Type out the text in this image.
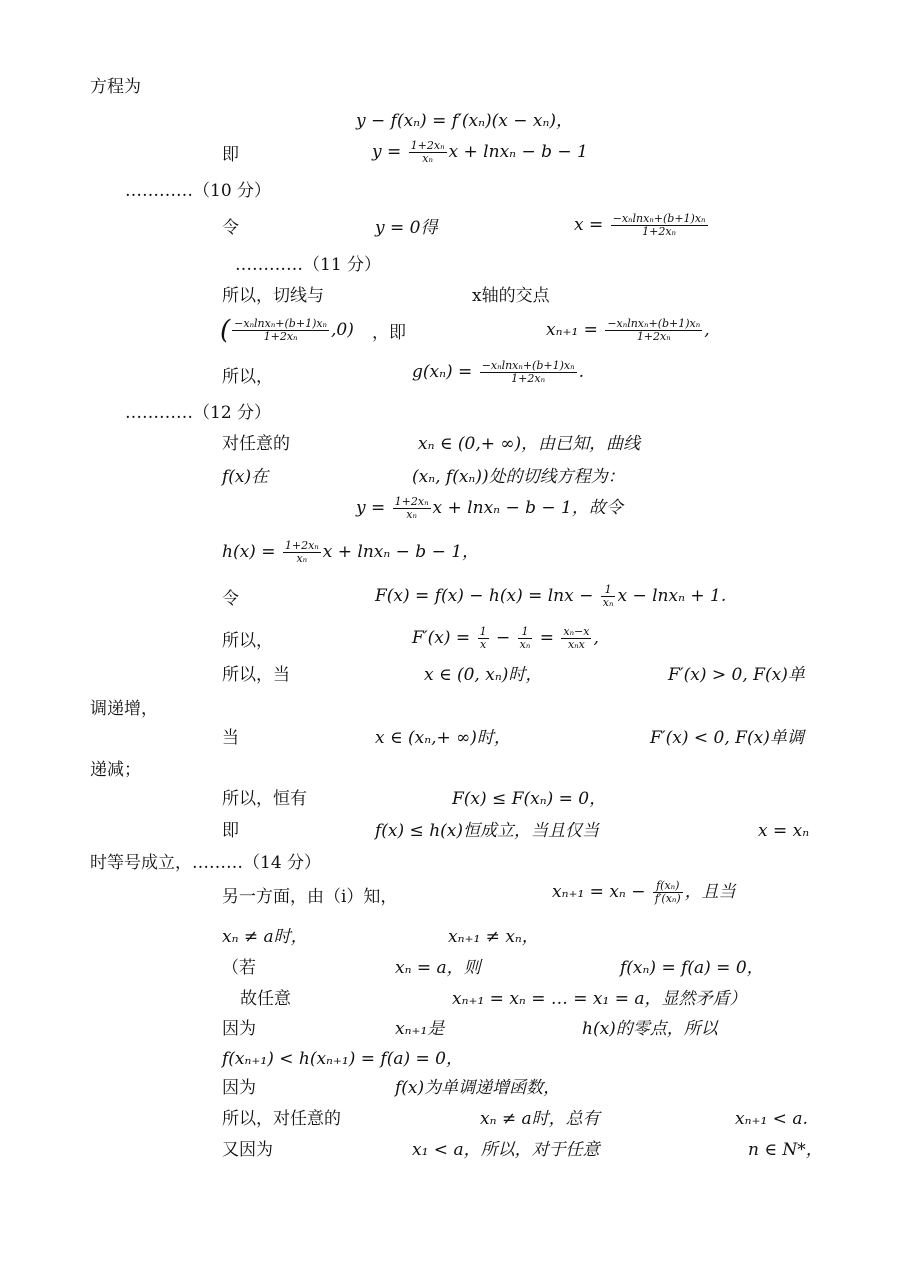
方程为
y − f(xₙ) = f′(xₙ)(x − xₙ)，
即	$y = \frac{\text{1+2xₙ}}{\text{xₙ}}$ x + lnxₙ − b − 1
…………（10 分）
令	y = 0得	$x = \frac{\text{−xₙlnxₙ+(b+1)xₙ}}{\text{1+2xₙ}}$
…………（11 分）
所以，切线与	x轴的交点
( $\frac{\text{−xₙlnxₙ+(b+1)xₙ}}{\text{1+2xₙ}} ,0$) ，即	$x_{n+1} = \frac{\text{−xₙlnxₙ+(b+1)xₙ}}{\text{1+2xₙ}}$ ,
所以，	$g(x_n) = \frac{\text{−xₙlnxₙ+(b+1)xₙ}}{\text{1+2xₙ}}$ .
…………（12 分）
对任意的	xₙ ∈ (0,+ ∞)，由已知，曲线
f(x)在	(xₙ, f(xₙ))处的切线方程为：
$y = \frac{\text{1+2xₙ}}{\text{xₙ}}$ x + lnxₙ − b − 1，故令
$h(x) = \frac{\text{1+2xₙ}}{\text{xₙ}}$ x + lnxₙ − b − 1，
令	$F(x) = f(x) - h(x) = \ln x - \frac{1}{\text{xₙ}}$ x − lnxₙ + 1.
所以，	$F'(x) = \frac{1}{x} - \frac{1}{\text{xₙ}} = \frac{\text{xₙ−x}}{\text{xₙx}}$ ,
所以，当	x ∈ (0, xₙ)时，	F′(x) > 0, F(x)单
调递增，
当	x ∈ (xₙ,+ ∞)时，	F′(x) < 0, F(x)单调
递减；
所以，恒有	F(x) ≤ F(xₙ) = 0，
即	f(x) ≤ h(x)恒成立，当且仅当	x = xₙ
时等号成立，………（14 分）
另一方面，由（i）知，	$x_{n+1} = x_n - \frac{\text{f(xₙ)}}{\text{f′(xₙ)}}$ ，且当
xₙ ≠ a时，	xₙ₊₁ ≠ xₙ，
（若	xₙ = a，则	f(xₙ) = f(a) = 0，
故任意	xₙ₊₁ = xₙ = … = x₁ = a，显然矛盾）
因为	xₙ₊₁是	h(x)的零点，所以
f(xₙ₊₁) < h(xₙ₊₁) = f(a) = 0，
因为	f(x)为单调递增函数，
所以，对任意的	xₙ ≠ a时，总有	xₙ₊₁ < a.
又因为	x₁ < a，所以，对于任意	n ∈ N*，
